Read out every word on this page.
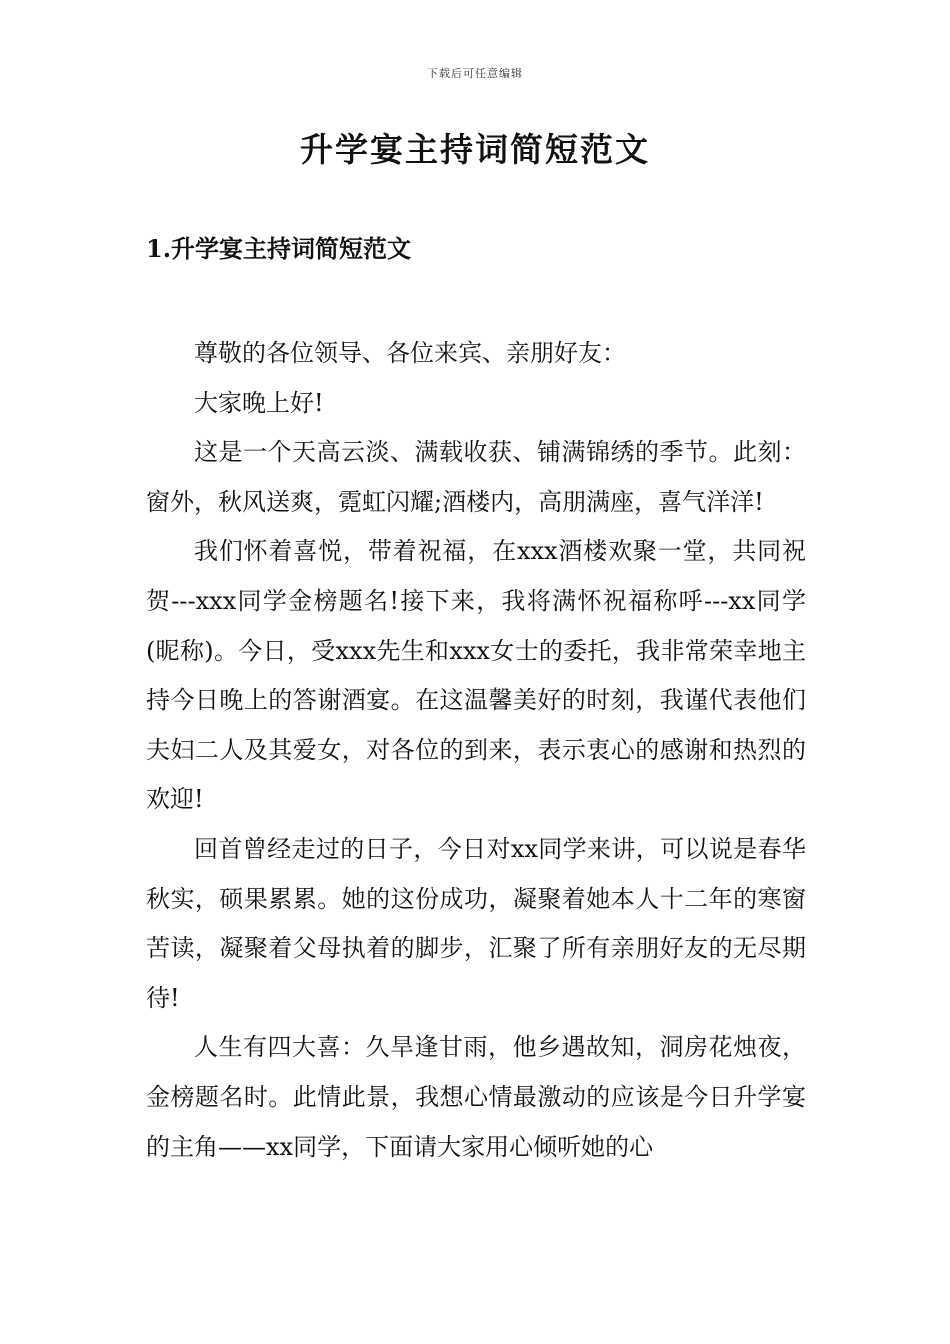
下载后可任意编辑
升学宴主持词简短范文
1.升学宴主持词简短范文

尊敬的各位领导、各位来宾、亲朋好友：

大家晚上好!

这是一个天高云淡、满载收获、铺满锦绣的季节。此刻：窗外，秋风送爽，霓虹闪耀;酒楼内，高朋满座，喜气洋洋!

我们怀着喜悦，带着祝福，在xxx酒楼欢聚一堂，共同祝贺---xxx同学金榜题名!接下来，我将满怀祝福称呼---xx同学(昵称)。今日，受xxx先生和xxx女士的委托，我非常荣幸地主持今日晚上的答谢酒宴。在这温馨美好的时刻，我谨代表他们夫妇二人及其爱女，对各位的到来，表示衷心的感谢和热烈的欢迎!

回首曾经走过的日子，今日对xx同学来讲，可以说是春华秋实，硕果累累。她的这份成功，凝聚着她本人十二年的寒窗苦读，凝聚着父母执着的脚步，汇聚了所有亲朋好友的无尽期待!

人生有四大喜：久旱逢甘雨，他乡遇故知，洞房花烛夜，金榜题名时。此情此景，我想心情最激动的应该是今日升学宴的主角——xx同学，下面请大家用心倾听她的心
